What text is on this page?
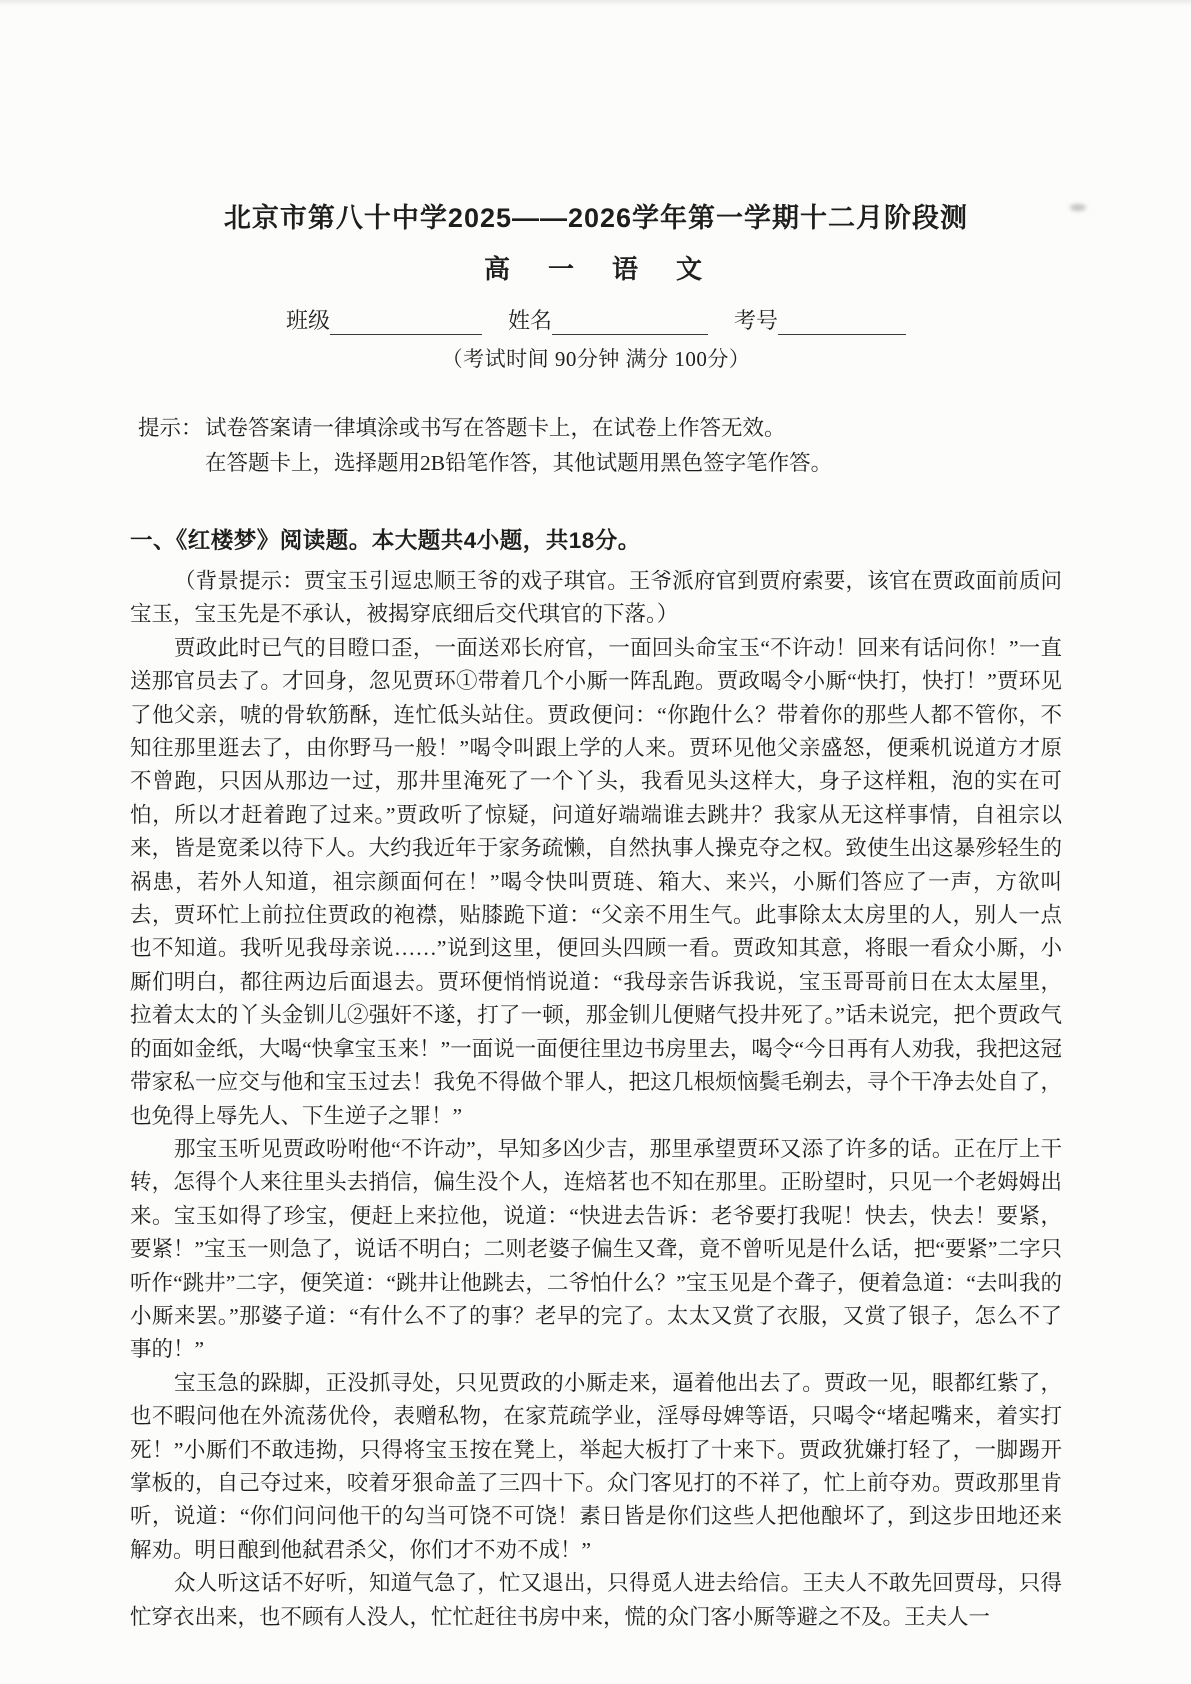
北京市第八十中学2025——2026学年第一学期十二月阶段测
高　一　语　文
班级	姓名	考号
（考试时间 90分钟 满分 100分）
提示： 试卷答案请一律填涂或书写在答题卡上，在试卷上作答无效。
在答题卡上，选择题用2B铅笔作答，其他试题用黑色签字笔作答。
一、《红楼梦》阅读题。本大题共4小题，共18分。

（背景提示：贾宝玉引逗忠顺王爷的戏子琪官。王爷派府官到贾府索要，该官在贾政面前质问宝玉，宝玉先是不承认，被揭穿底细后交代琪官的下落。）

贾政此时已气的目瞪口歪，一面送邓长府官，一面回头命宝玉“不许动！回来有话问你！”一直送那官员去了。才回身，忽见贾环①带着几个小厮一阵乱跑。贾政喝令小厮“快打，快打！”贾环见了他父亲，唬的骨软筋酥，连忙低头站住。贾政便问：“你跑什么？带着你的那些人都不管你，不知往那里逛去了，由你野马一般！”喝令叫跟上学的人来。贾环见他父亲盛怒，便乘机说道方才原不曾跑，只因从那边一过，那井里淹死了一个丫头，我看见头这样大，身子这样粗，泡的实在可怕，所以才赶着跑了过来。”贾政听了惊疑，问道好端端谁去跳井？我家从无这样事情，自祖宗以来，皆是宽柔以待下人。大约我近年于家务疏懒，自然执事人操克夺之权。致使生出这暴殄轻生的祸患，若外人知道，祖宗颜面何在！”喝令快叫贾琏、箱大、来兴，小厮们答应了一声，方欲叫去，贾环忙上前拉住贾政的袍襟，贴膝跪下道：“父亲不用生气。此事除太太房里的人，别人一点也不知道。我听见我母亲说……”说到这里，便回头四顾一看。贾政知其意，将眼一看众小厮，小厮们明白，都往两边后面退去。贾环便悄悄说道：“我母亲告诉我说，宝玉哥哥前日在太太屋里，拉着太太的丫头金钏儿②强奸不遂，打了一顿，那金钏儿便赌气投井死了。”话未说完，把个贾政气的面如金纸，大喝“快拿宝玉来！”一面说一面便往里边书房里去，喝令“今日再有人劝我，我把这冠带家私一应交与他和宝玉过去！我免不得做个罪人，把这几根烦恼鬓毛剃去，寻个干净去处自了，也免得上辱先人、下生逆子之罪！”

那宝玉听见贾政吩咐他“不许动”，早知多凶少吉，那里承望贾环又添了许多的话。正在厅上干转，怎得个人来往里头去捎信，偏生没个人，连焙茗也不知在那里。正盼望时，只见一个老姆姆出来。宝玉如得了珍宝，便赶上来拉他，说道：“快进去告诉：老爷要打我呢！快去，快去！要紧，要紧！”宝玉一则急了，说话不明白；二则老婆子偏生又聋，竟不曾听见是什么话，把“要紧”二字只听作“跳井”二字，便笑道：“跳井让他跳去，二爷怕什么？”宝玉见是个聋子，便着急道：“去叫我的小厮来罢。”那婆子道：“有什么不了的事？老早的完了。太太又赏了衣服，又赏了银子，怎么不了事的！”

宝玉急的跺脚，正没抓寻处，只见贾政的小厮走来，逼着他出去了。贾政一见，眼都红紫了，也不暇问他在外流荡优伶，表赠私物，在家荒疏学业，淫辱母婢等语，只喝令“堵起嘴来，着实打死！”小厮们不敢违拗，只得将宝玉按在凳上，举起大板打了十来下。贾政犹嫌打轻了，一脚踢开掌板的，自己夺过来，咬着牙狠命盖了三四十下。众门客见打的不祥了，忙上前夺劝。贾政那里肯听，说道：“你们问问他干的勾当可饶不可饶！素日皆是你们这些人把他酿坏了，到这步田地还来解劝。明日酿到他弑君杀父，你们才不劝不成！”

众人听这话不好听，知道气急了，忙又退出，只得觅人进去给信。王夫人不敢先回贾母，只得忙穿衣出来，也不顾有人没人，忙忙赶往书房中来，慌的众门客小厮等避之不及。王夫人一
